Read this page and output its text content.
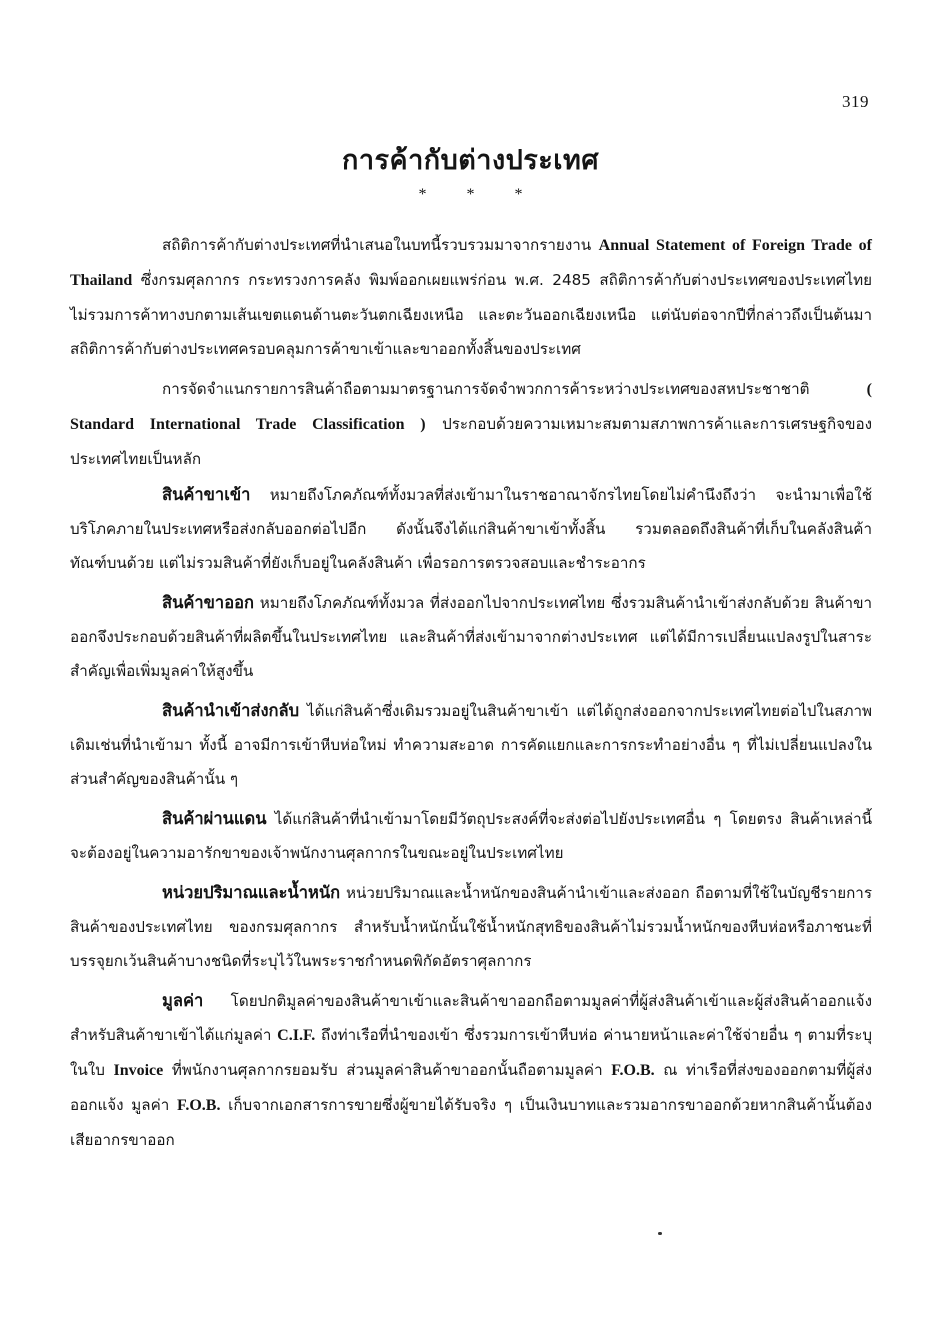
319
การค้ากับต่างประเทศ
* * *

สถิติการค้ากับต่างประเทศที่นำเสนอในบทนี้รวบรวมมาจากรายงาน Annual Statement of Foreign Trade of Thailand ซึ่งกรมศุลกากร กระทรวงการคลัง พิมพ์ออกเผยแพร่ก่อน พ.ศ. 2485 สถิติการค้ากับต่างประเทศของประเทศไทย ไม่รวมการค้าทางบกตามเส้นเขตแดนด้านตะวันตกเฉียงเหนือ และตะวันออกเฉียงเหนือ แต่นับต่อจากปีที่กล่าวถึงเป็นต้นมา สถิติการค้ากับต่างประเทศครอบคลุมการค้าขาเข้าและขาออกทั้งสิ้นของประเทศ

การจัดจำแนกรายการสินค้าถือตามมาตรฐานการจัดจำพวกการค้าระหว่างประเทศของสหประชาชาติ ( Standard International Trade Classification ) ประกอบด้วยความเหมาะสมตามสภาพการค้าและการเศรษฐกิจของประเทศไทยเป็นหลัก

สินค้าขาเข้า หมายถึงโภคภัณฑ์ทั้งมวลที่ส่งเข้ามาในราชอาณาจักรไทยโดยไม่คำนึงถึงว่า จะนำมาเพื่อใช้บริโภคภายในประเทศหรือส่งกลับออกต่อไปอีก ดังนั้นจึงได้แก่สินค้าขาเข้าทั้งสิ้น รวมตลอดถึงสินค้าที่เก็บในคลังสินค้าทัณฑ์บนด้วย แต่ไม่รวมสินค้าที่ยังเก็บอยู่ในคลังสินค้า เพื่อรอการตรวจสอบและชำระอากร

สินค้าขาออก หมายถึงโภคภัณฑ์ทั้งมวล ที่ส่งออกไปจากประเทศไทย ซึ่งรวมสินค้านำเข้าส่งกลับด้วย สินค้าขาออกจึงประกอบด้วยสินค้าที่ผลิตขึ้นในประเทศไทย และสินค้าที่ส่งเข้ามาจากต่างประเทศ แต่ได้มีการเปลี่ยนแปลงรูปในสาระสำคัญเพื่อเพิ่มมูลค่าให้สูงขึ้น

สินค้านำเข้าส่งกลับ ได้แก่สินค้าซึ่งเดิมรวมอยู่ในสินค้าขาเข้า แต่ได้ถูกส่งออกจากประเทศไทยต่อไปในสภาพเดิมเช่นที่นำเข้ามา ทั้งนี้ อาจมีการเข้าหีบห่อใหม่ ทำความสะอาด การคัดแยกและการกระทำอย่างอื่น ๆ ที่ไม่เปลี่ยนแปลงในส่วนสำคัญของสินค้านั้น ๆ

สินค้าผ่านแดน ได้แก่สินค้าที่นำเข้ามาโดยมีวัตถุประสงค์ที่จะส่งต่อไปยังประเทศอื่น ๆ โดยตรง สินค้าเหล่านี้จะต้องอยู่ในความอารักขาของเจ้าพนักงานศุลกากรในขณะอยู่ในประเทศไทย

หน่วยปริมาณและน้ำหนัก หน่วยปริมาณและน้ำหนักของสินค้านำเข้าและส่งออก ถือตามที่ใช้ในบัญชีรายการสินค้าของประเทศไทย ของกรมศุลกากร สำหรับน้ำหนักนั้นใช้น้ำหนักสุทธิของสินค้าไม่รวมน้ำหนักของหีบห่อหรือภาชนะที่บรรจุยกเว้นสินค้าบางชนิดที่ระบุไว้ในพระราชกำหนดพิกัดอัตราศุลกากร

มูลค่า โดยปกติมูลค่าของสินค้าขาเข้าและสินค้าขาออกถือตามมูลค่าที่ผู้ส่งสินค้าเข้าและผู้ส่งสินค้าออกแจ้ง สำหรับสินค้าขาเข้าได้แก่มูลค่า C.I.F. ถึงท่าเรือที่นำของเข้า ซึ่งรวมการเข้าหีบห่อ ค่านายหน้าและค่าใช้จ่ายอื่น ๆ ตามที่ระบุในใบ Invoice ที่พนักงานศุลกากรยอมรับ ส่วนมูลค่าสินค้าขาออกนั้นถือตามมูลค่า F.O.B. ณ ท่าเรือที่ส่งของออกตามที่ผู้ส่งออกแจ้ง มูลค่า F.O.B. เก็บจากเอกสารการขายซึ่งผู้ขายได้รับจริง ๆ เป็นเงินบาทและรวมอากรขาออกด้วยหากสินค้านั้นต้องเสียอากรขาออก
